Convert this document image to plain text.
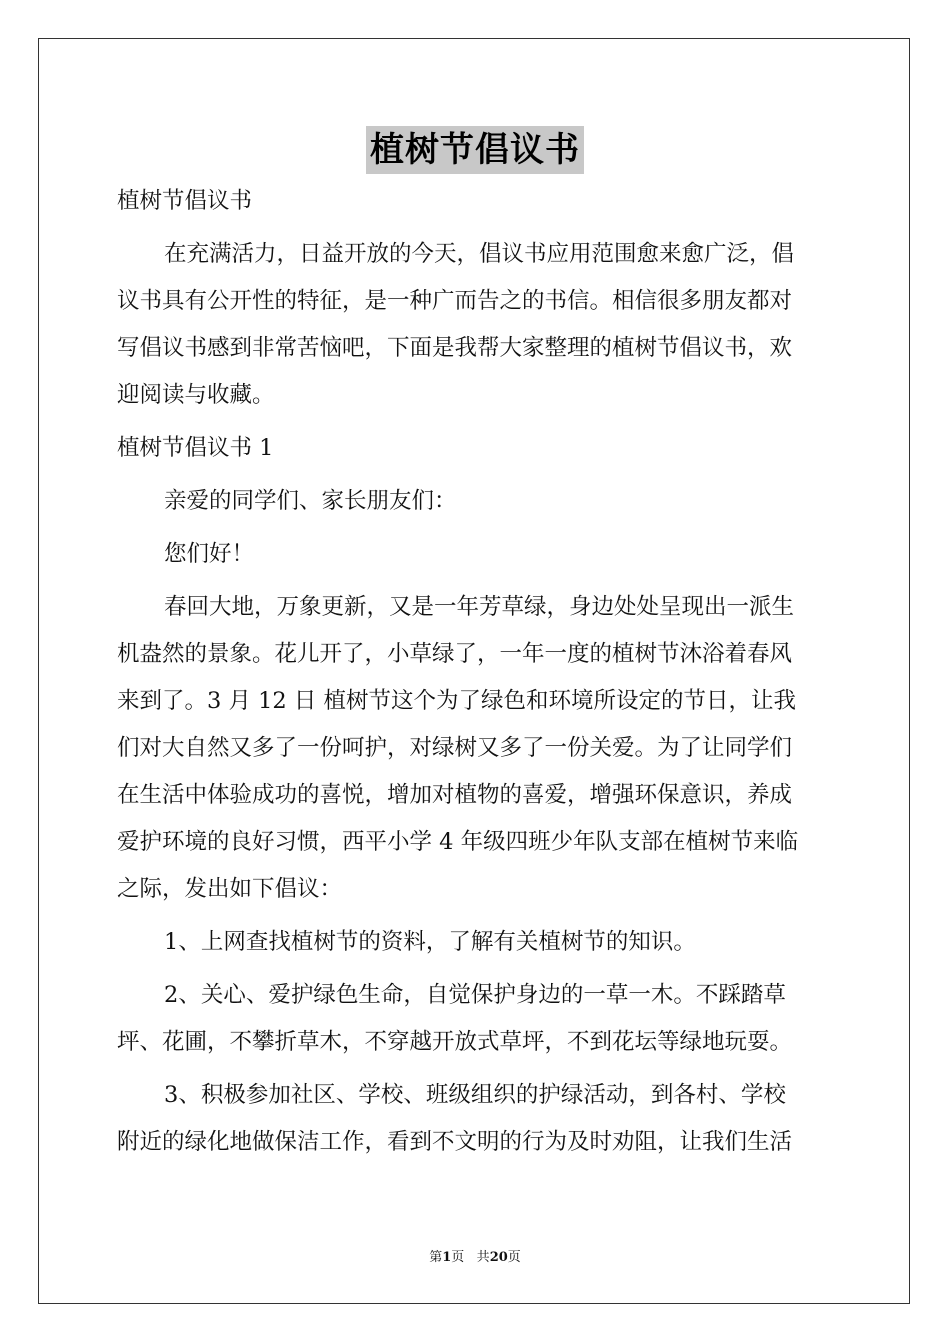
植树节倡议书
植树节倡议书
在充满活力，日益开放的今天，倡议书应用范围愈来愈广泛，倡
议书具有公开性的特征，是一种广而告之的书信。相信很多朋友都对
写倡议书感到非常苦恼吧，下面是我帮大家整理的植树节倡议书，欢
迎阅读与收藏。
植树节倡议书 1
亲爱的同学们、家长朋友们：
您们好！
春回大地，万象更新，又是一年芳草绿，身边处处呈现出一派生
机盎然的景象。花儿开了，小草绿了，一年一度的植树节沐浴着春风
来到了。3 月 12 日 植树节这个为了绿色和环境所设定的节日，让我
们对大自然又多了一份呵护，对绿树又多了一份关爱。为了让同学们
在生活中体验成功的喜悦，增加对植物的喜爱，增强环保意识，养成
爱护环境的良好习惯，西平小学 4 年级四班少年队支部在植树节来临
之际，发出如下倡议：
1、上网查找植树节的资料，了解有关植树节的知识。
2、关心、爱护绿色生命，自觉保护身边的一草一木。不踩踏草
坪、花圃，不攀折草木，不穿越开放式草坪，不到花坛等绿地玩耍。
3、积极参加社区、学校、班级组织的护绿活动，到各村、学校
附近的绿化地做保洁工作，看到不文明的行为及时劝阻，让我们生活
第1页 共20页
